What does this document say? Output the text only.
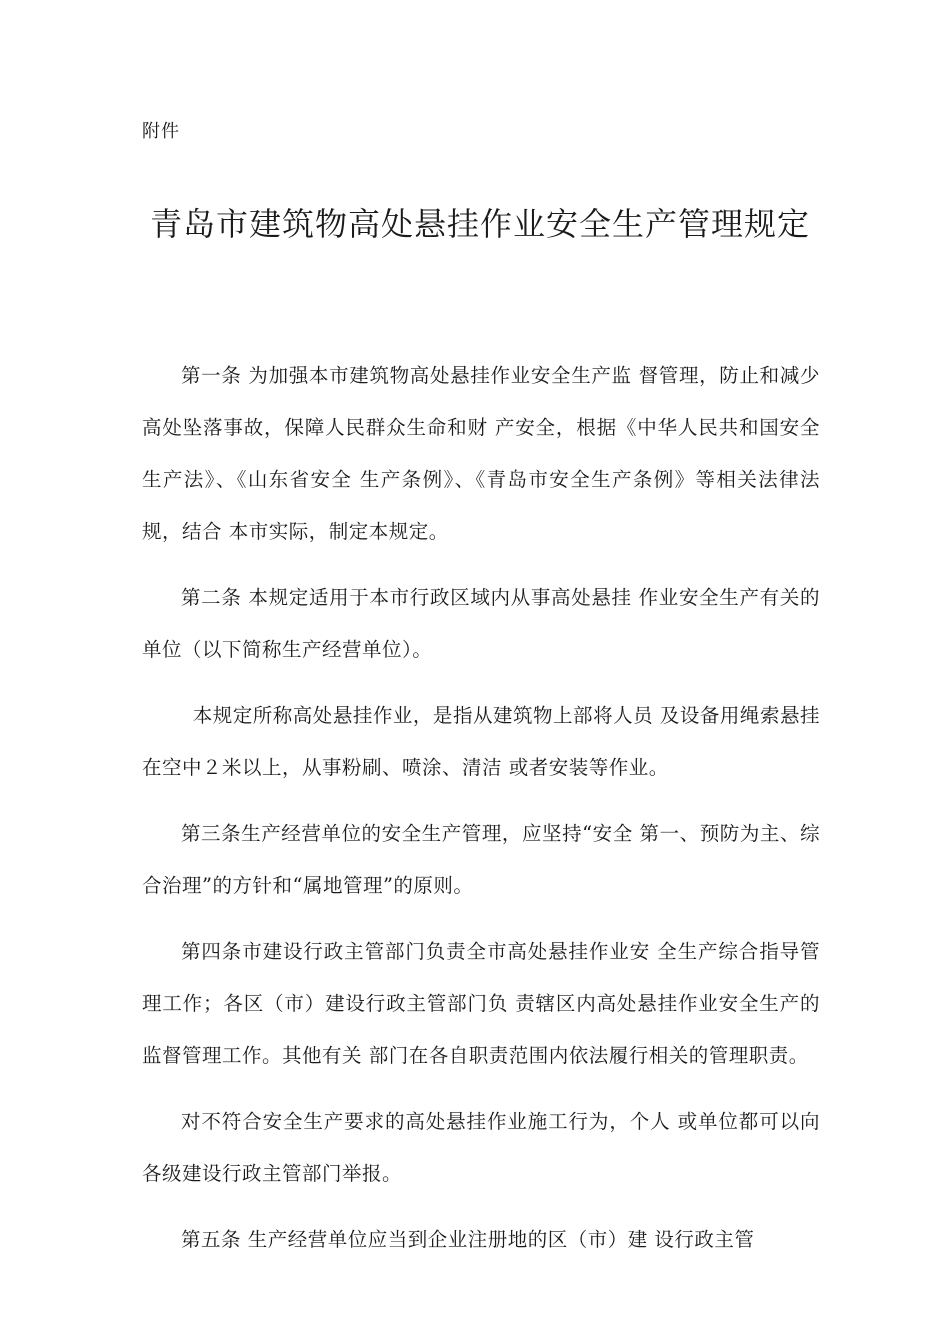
附件
青岛市建筑物高处悬挂作业安全生产管理规定

第一条 为加强本市建筑物高处悬挂作业安全生产监 督管理，防止和减少高处坠落事故，保障人民群众生命和财 产安全，根据《中华人民共和国安全生产法》、《山东省安全 生产条例》、《青岛市安全生产条例》等相关法律法规，结合 本市实际，制定本规定。

第二条 本规定适用于本市行政区域内从事高处悬挂 作业安全生产有关的单位（以下简称生产经营单位）。

本规定所称高处悬挂作业，是指从建筑物上部将人员 及设备用绳索悬挂在空中２米以上，从事粉刷、喷涂、清洁 或者安装等作业。

第三条生产经营单位的安全生产管理，应坚持“安全 第一、预防为主、综合治理”的方针和“属地管理”的原则。

第四条市建设行政主管部门负责全市高处悬挂作业安 全生产综合指导管理工作；各区（市）建设行政主管部门负 责辖区内高处悬挂作业安全生产的监督管理工作。其他有关 部门在各自职责范围内依法履行相关的管理职责。

对不符合安全生产要求的高处悬挂作业施工行为，个人 或单位都可以向各级建设行政主管部门举报。

第五条 生产经营单位应当到企业注册地的区（市）建 设行政主管
